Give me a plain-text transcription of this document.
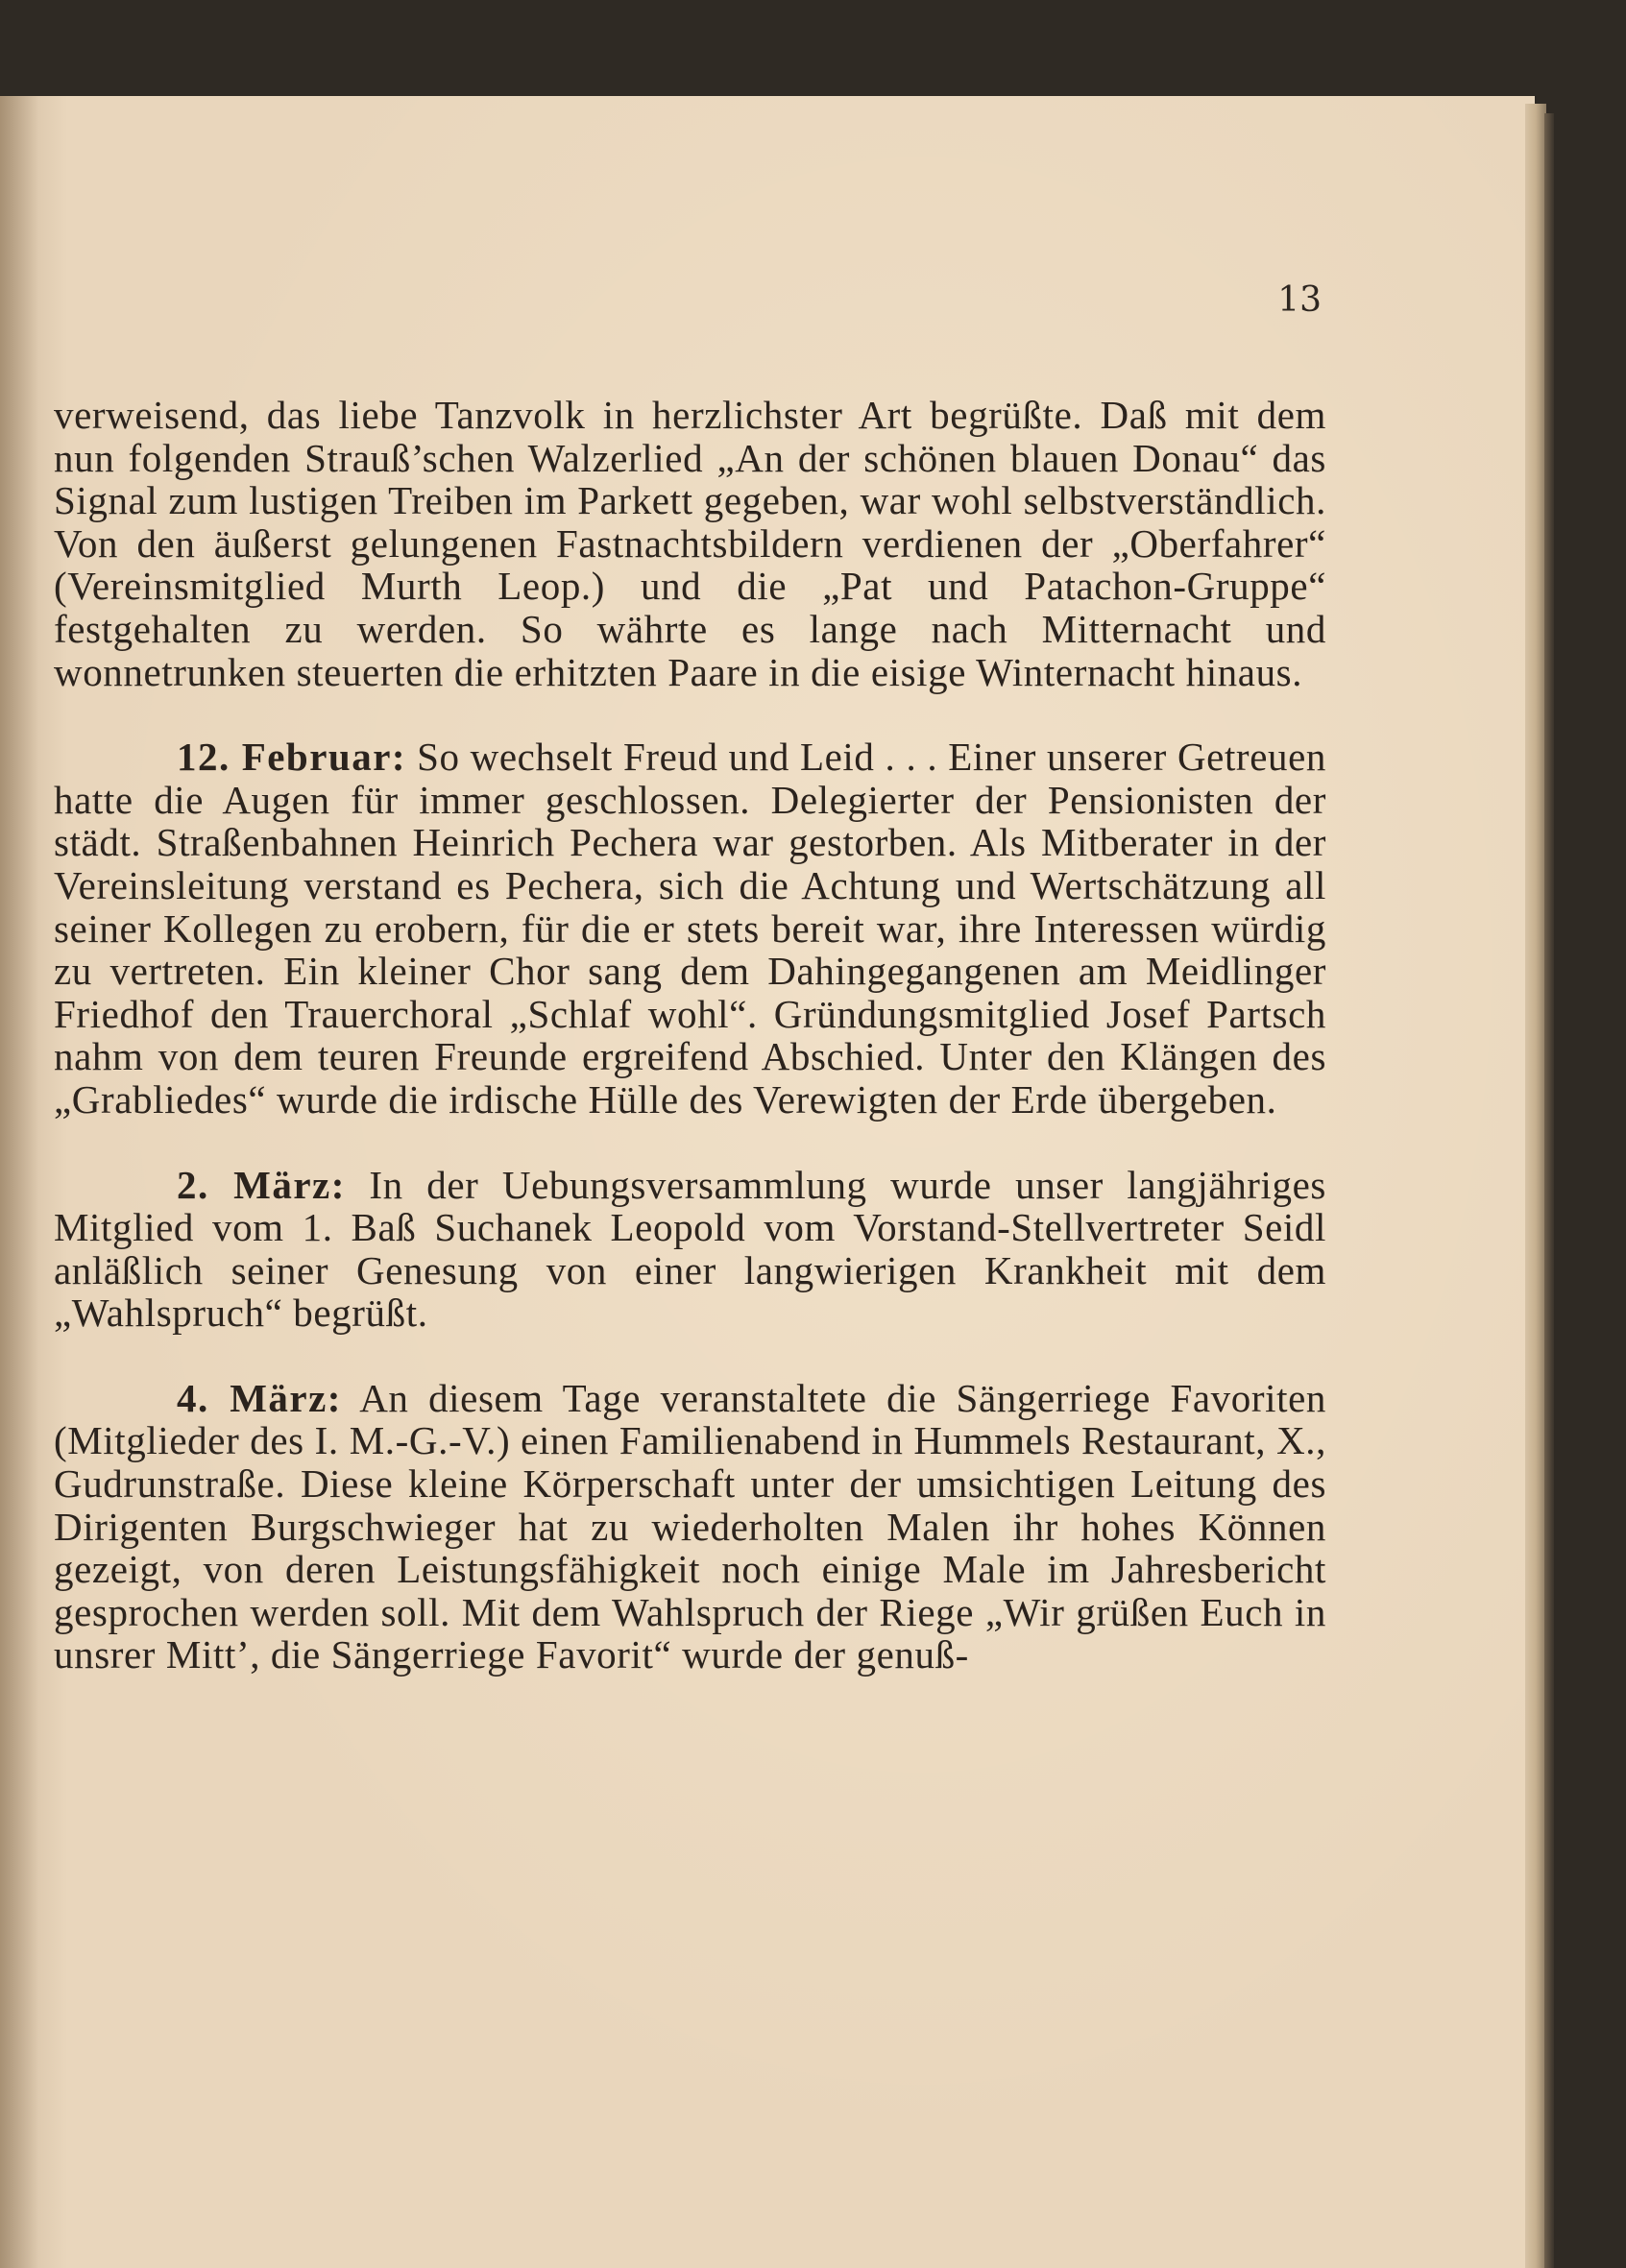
13

verweisend, das liebe Tanzvolk in herzlichster Art begrüßte. Daß mit dem nun folgenden Strauß’schen Walzerlied „An der schönen blauen Donau“ das Signal zum lustigen Treiben im Parkett gegeben, war wohl selbstverständlich. Von den äußerst gelungenen Fastnachtsbildern verdienen der „Oberfahrer“ (Vereinsmitglied Murth Leop.) und die „Pat und Patachon-Gruppe“ festgehalten zu werden. So währte es lange nach Mitternacht und wonnetrunken steuerten die erhitzten Paare in die eisige Winternacht hinaus.

12. Februar: So wechselt Freud und Leid . . . Einer unserer Getreuen hatte die Augen für immer geschlossen. Delegierter der Pensionisten der städt. Straßenbahnen Heinrich Pechera war gestorben. Als Mitberater in der Vereinsleitung verstand es Pechera, sich die Achtung und Wertschätzung all seiner Kollegen zu erobern, für die er stets bereit war, ihre Interessen würdig zu vertreten. Ein kleiner Chor sang dem Dahingegangenen am Meidlinger Friedhof den Trauerchoral „Schlaf wohl“. Gründungsmitglied Josef Partsch nahm von dem teuren Freunde ergreifend Abschied. Unter den Klängen des „Grabliedes“ wurde die irdische Hülle des Verewigten der Erde übergeben.

2. März: In der Uebungsversammlung wurde unser langjähriges Mitglied vom 1. Baß Suchanek Leopold vom Vorstand-Stellvertreter Seidl anläßlich seiner Genesung von einer langwierigen Krankheit mit dem „Wahlspruch“ begrüßt.

4. März: An diesem Tage veranstaltete die Sängerriege Favoriten (Mitglieder des I. M.-G.-V.) einen Familienabend in Hummels Restaurant, X., Gudrunstraße. Diese kleine Körperschaft unter der umsichtigen Leitung des Dirigenten Burgschwieger hat zu wiederholten Malen ihr hohes Können gezeigt, von deren Leistungsfähigkeit noch einige Male im Jahresbericht gesprochen werden soll. Mit dem Wahlspruch der Riege „Wir grüßen Euch in unsrer Mitt’, die Sängerriege Favorit“ wurde der genuß-
